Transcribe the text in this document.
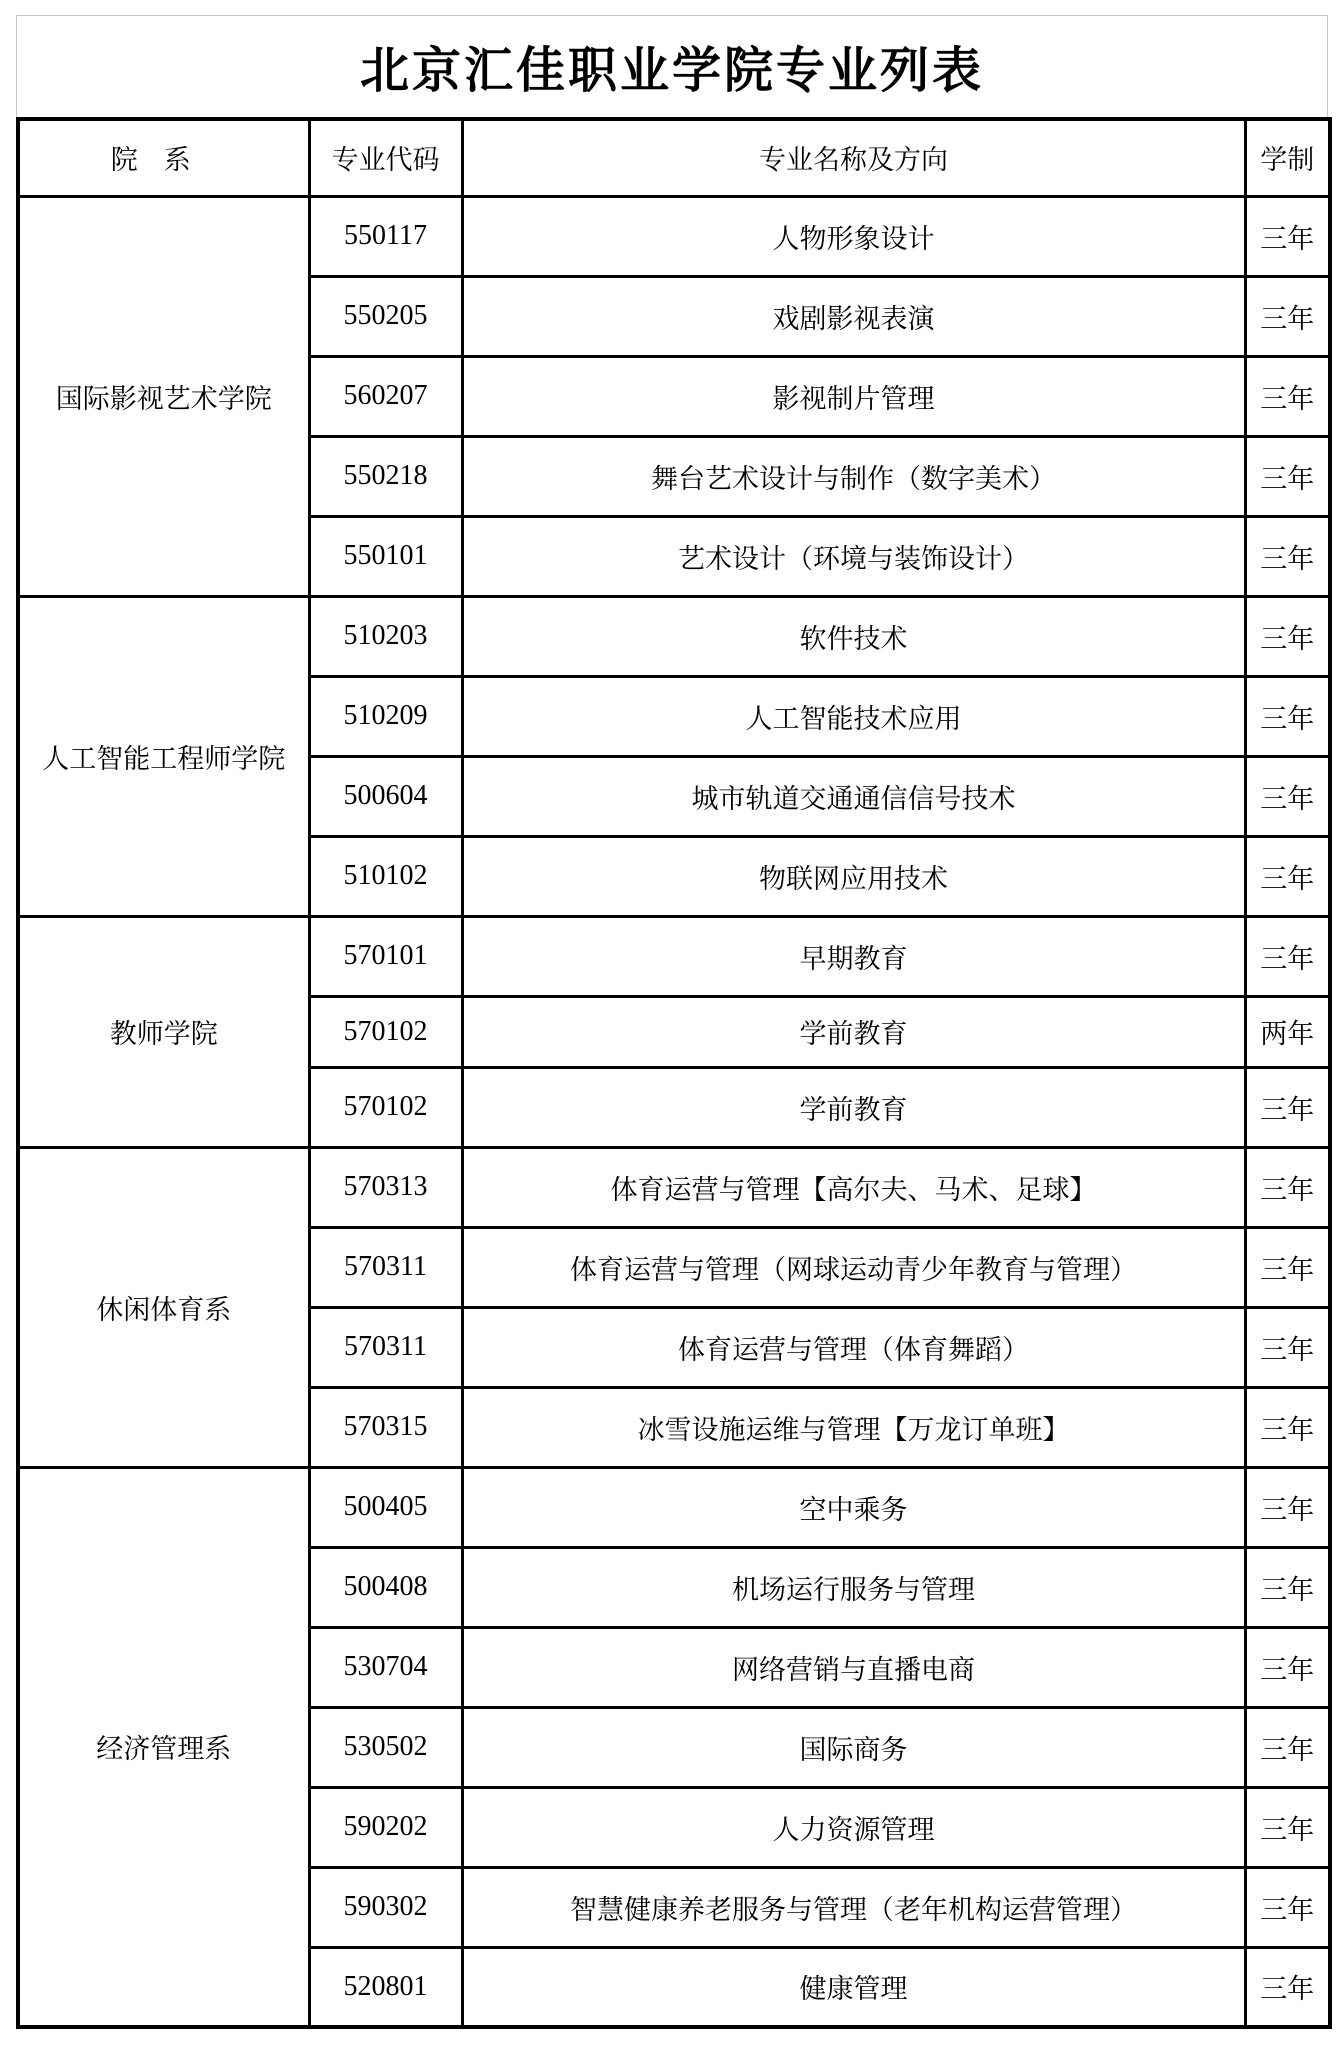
北京汇佳职业学院专业列表
院系	专业代码	专业名称及方向	学制
国际影视艺术学院	550117	人物形象设计	三年
	550205	戏剧影视表演	三年
	560207	影视制片管理	三年
	550218	舞台艺术设计与制作（数字美术）	三年
	550101	艺术设计（环境与装饰设计）	三年
人工智能工程师学院	510203	软件技术	三年
	510209	人工智能技术应用	三年
	500604	城市轨道交通通信信号技术	三年
	510102	物联网应用技术	三年
教师学院	570101	早期教育	三年
	570102	学前教育	两年
	570102	学前教育	三年
休闲体育系	570313	体育运营与管理【高尔夫、马术、足球】	三年
	570311	体育运营与管理（网球运动青少年教育与管理）	三年
	570311	体育运营与管理（体育舞蹈）	三年
	570315	冰雪设施运维与管理【万龙订单班】	三年
经济管理系	500405	空中乘务	三年
	500408	机场运行服务与管理	三年
	530704	网络营销与直播电商	三年
	530502	国际商务	三年
	590202	人力资源管理	三年
	590302	智慧健康养老服务与管理（老年机构运营管理）	三年
	520801	健康管理	三年
